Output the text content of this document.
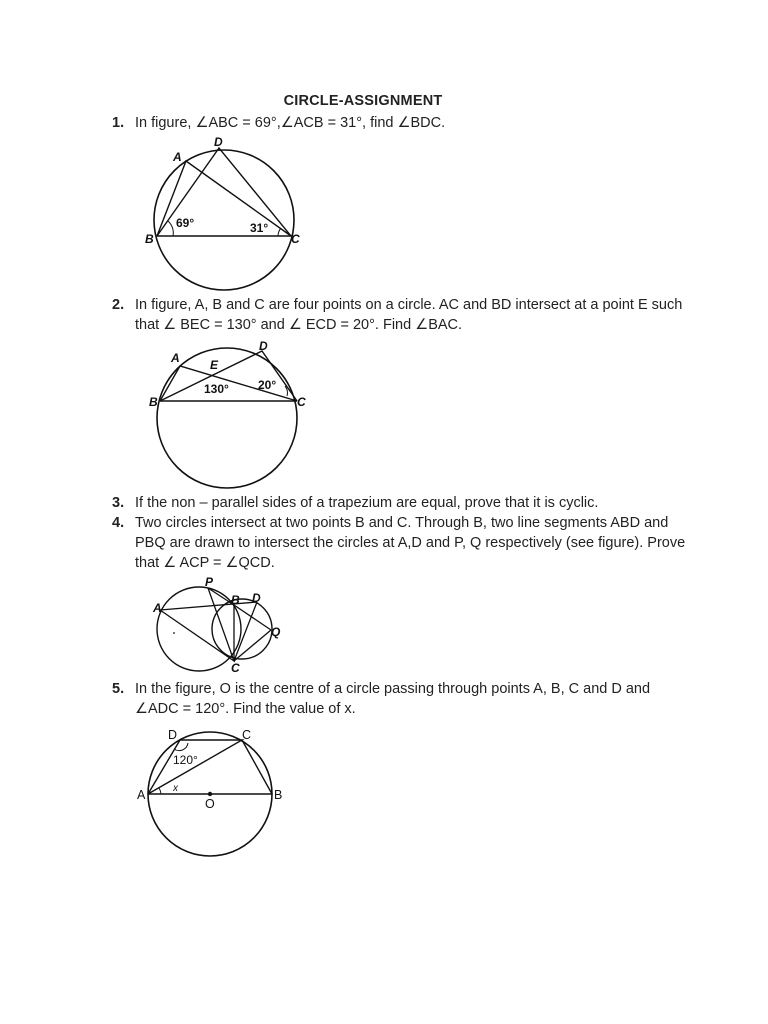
CIRCLE-ASSIGNMENT
1. In figure, ∠ABC = 69°,∠ACB = 31°, find ∠BDC.
A
D
B	C
69°	31°
2. In figure, A, B and C are four points on a circle. AC and BD intersect at a point E such that ∠ BEC = 130° and ∠ ECD = 20°. Find ∠BAC.
A
D
E
B	C
130° 20°
3. If the non – parallel sides of a trapezium are equal, prove that it is cyclic.
4. Two circles intersect at two points B and C. Through B, two line segments ABD and PBQ are drawn to intersect the circles at A,D and P, Q respectively (see figure). Prove that ∠ ACP = ∠QCD.
A
P
B D
Q
C
5. In the figure, O is the centre of a circle passing through points A, B, C and D and ∠ADC = 120°. Find the value of x.
D	C
A	B
O
120°
x
